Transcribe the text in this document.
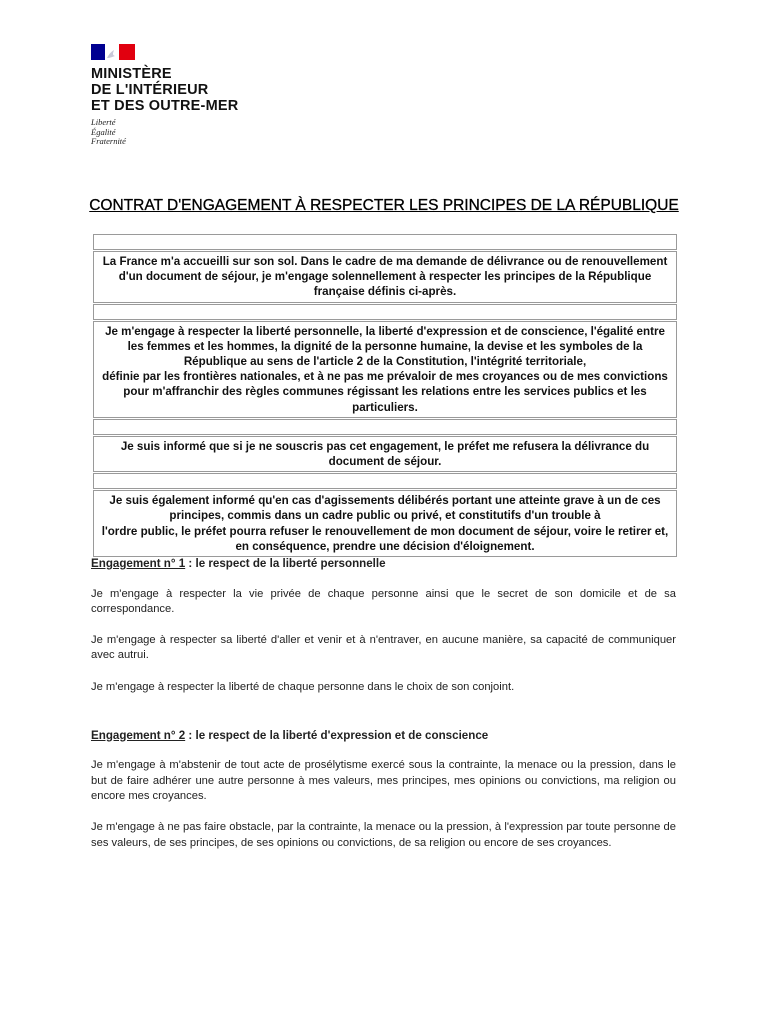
MINISTÈRE
DE L'INTÉRIEUR
ET DES OUTRE-MER
Liberté
Égalité
Fraternité
CONTRAT D'ENGAGEMENT À RESPECTER LES PRINCIPES DE LA RÉPUBLIQUE
La France m'a accueilli sur son sol. Dans le cadre de ma demande de délivrance ou de renouvellement d'un document de séjour, je m'engage solennellement à respecter les principes de la République française définis ci-après.
Je m'engage à respecter la liberté personnelle, la liberté d'expression et de conscience, l'égalité entre les femmes et les hommes, la dignité de la personne humaine, la devise et les symboles de la République au sens de l'article 2 de la Constitution, l'intégrité territoriale,
définie par les frontières nationales, et à ne pas me prévaloir de mes croyances ou de mes convictions pour m'affranchir des règles communes régissant les relations entre les services publics et les particuliers.
Je suis informé que si je ne souscris pas cet engagement, le préfet me refusera la délivrance du document de séjour.
Je suis également informé qu'en cas d'agissements délibérés portant une atteinte grave à un de ces principes, commis dans un cadre public ou privé, et constitutifs d'un trouble à
l'ordre public, le préfet pourra refuser le renouvellement de mon document de séjour, voire le retirer et, en conséquence, prendre une décision d'éloignement.

Engagement n° 1 : le respect de la liberté personnelle

Je m'engage à respecter la vie privée de chaque personne ainsi que le secret de son domicile et de sa correspondance.

Je m'engage à respecter sa liberté d'aller et venir et à n'entraver, en aucune manière, sa capacité de communiquer avec autrui.

Je m'engage à respecter la liberté de chaque personne dans le choix de son conjoint.

Engagement n° 2 : le respect de la liberté d'expression et de conscience

Je m'engage à m'abstenir de tout acte de prosélytisme exercé sous la contrainte, la menace ou la pression, dans le but de faire adhérer une autre personne à mes valeurs, mes principes, mes opinions ou convictions, ma religion ou encore mes croyances.

Je m'engage à ne pas faire obstacle, par la contrainte, la menace ou la pression, à l'expression par toute personne de ses valeurs, de ses principes, de ses opinions ou convictions, de sa religion ou encore de ses croyances.
